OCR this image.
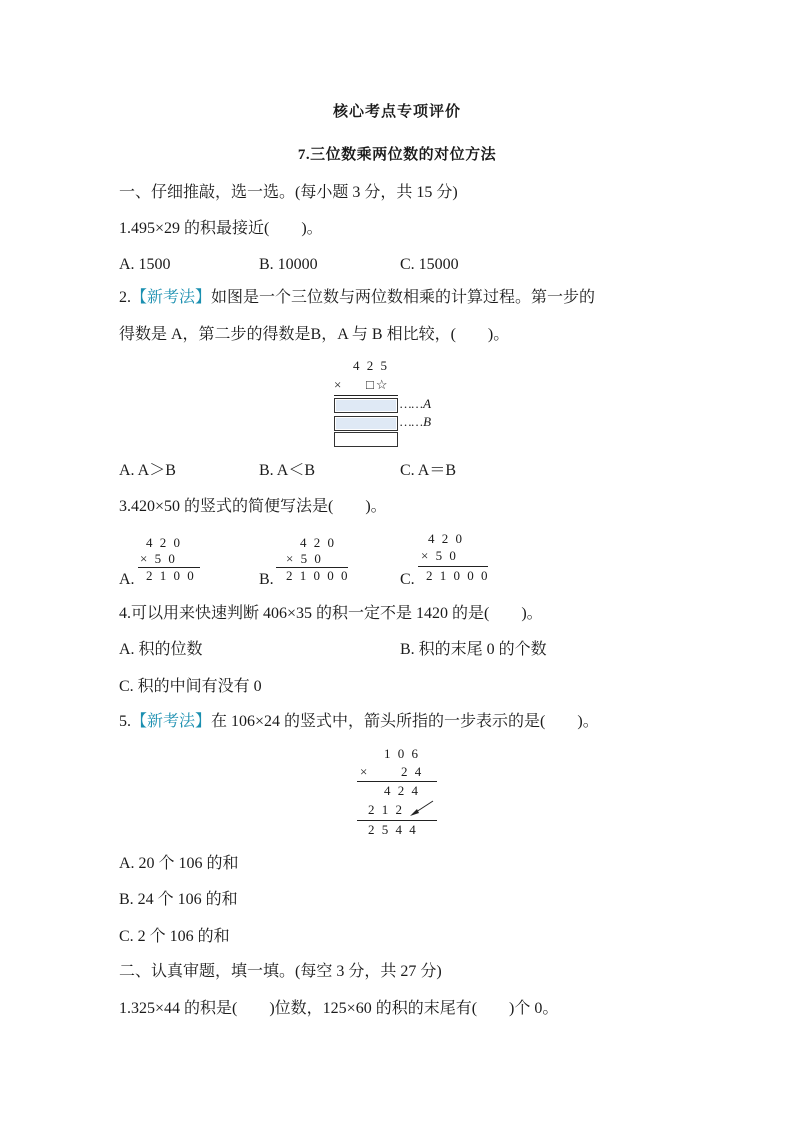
核心考点专项评价
7.三位数乘两位数的对位方法
一、仔细推敲，选一选。(每小题 3 分，共 15 分)
1.495×29 的积最接近(　　)。
A. 1500	B. 10000	C. 15000
2.【新考法】如图是一个三位数与两位数相乘的计算过程。第一步的
得数是 A，第二步的得数是B，A 与 B 相比较，(　　)。
4 2 5
× □☆
……A
……B
A. A＞B	B. A＜B	C. A＝B
3.420×50 的竖式的简便写法是(　　)。
A.
4 2 0
× 5 0
2 1 0 0	B.
4 2 0
× 5 0
2 1 0 0 0	C.
4 2 0
× 5 0
2 1 0 0 0
4.可以用来快速判断 406×35 的积一定不是 1420 的是(　　)。
A. 积的位数	B. 积的末尾 0 的个数
C. 积的中间有没有 0
5.【新考法】在 106×24 的竖式中，箭头所指的一步表示的是(　　)。
1 0 6
× 2 4
4 2 4
2 1 2
2 5 4 4
A. 20 个 106 的和
B. 24 个 106 的和
C. 2 个 106 的和
二、认真审题，填一填。(每空 3 分，共 27 分)
1.325×44 的积是(　　)位数，125×60 的积的末尾有(　　)个 0。
